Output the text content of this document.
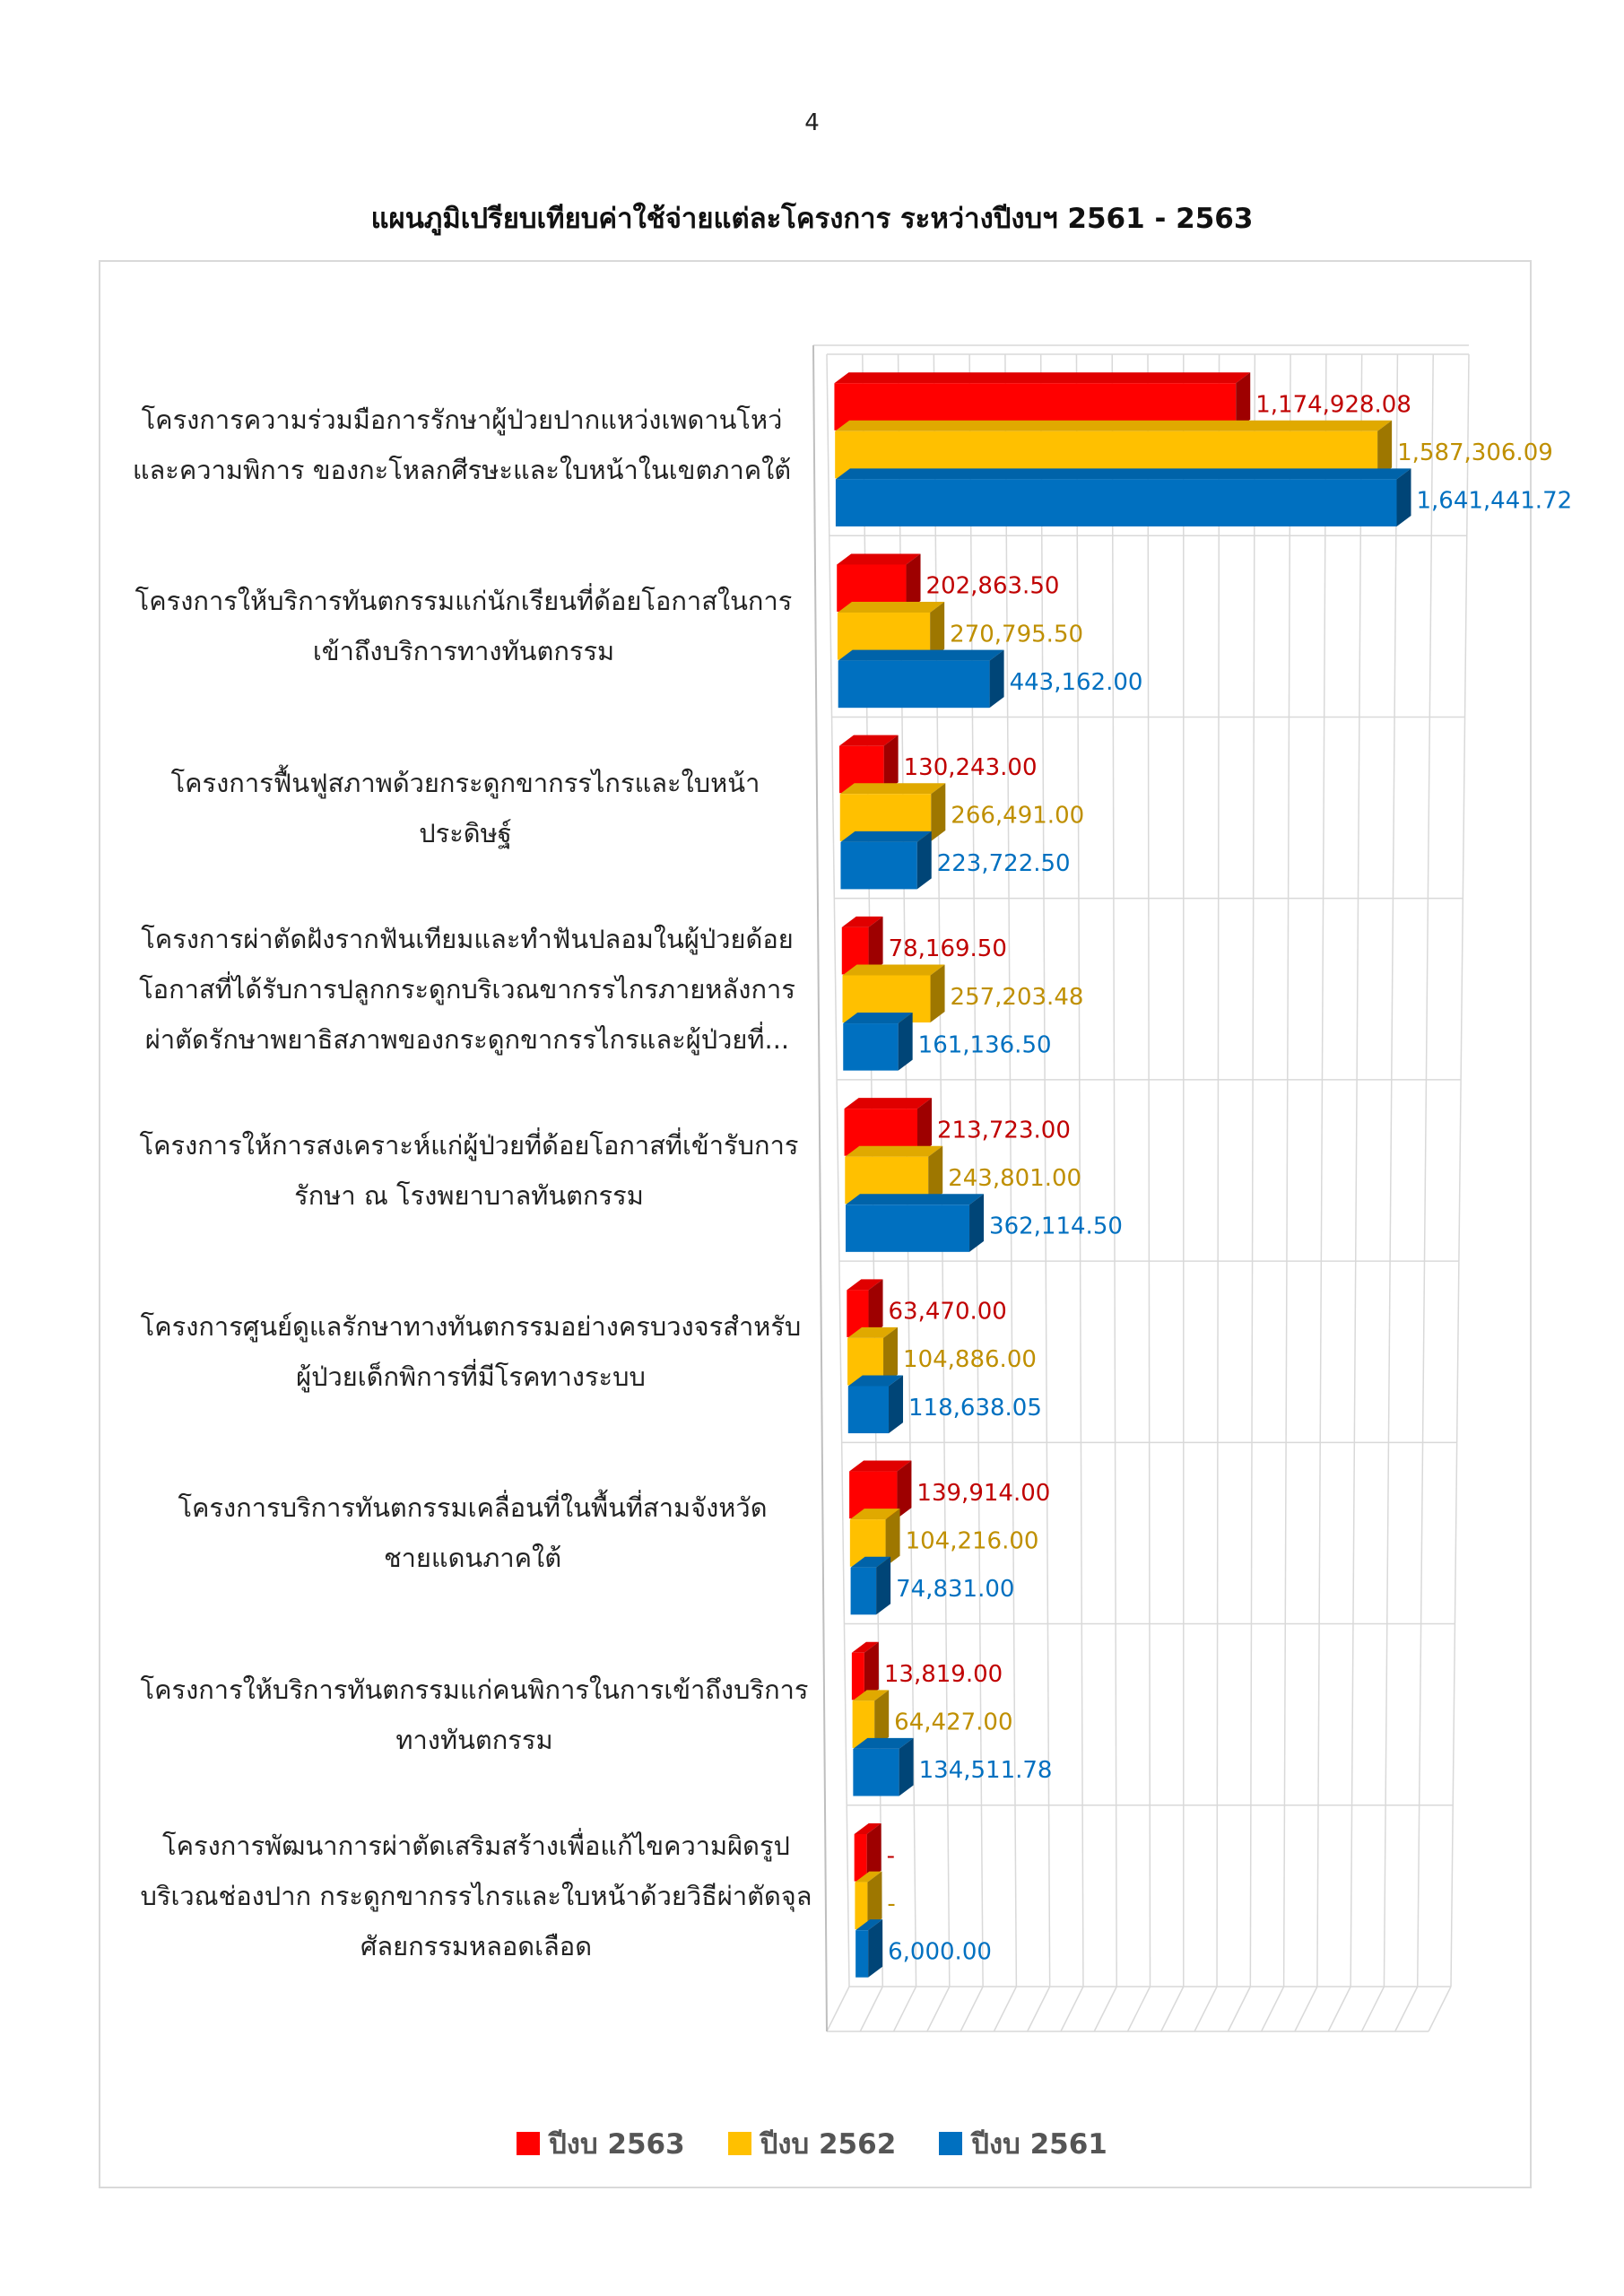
4
แผนภูมิเปรียบเทียบค่าใช้จ่ายแต่ละโครงการ ระหว่างปีงบฯ 2561 - 2563
1,174,928.08
202,863.50
130,243.00
78,169.50
213,723.00
63,470.00
139,914.00
13,819.00
-
1,587,306.09
270,795.50
266,491.00
257,203.48
243,801.00
104,886.00
104,216.00
64,427.00
-
1,641,441.72
443,162.00
223,722.50
161,136.50
362,114.50
118,638.05
74,831.00
134,511.78
6,000.00
โครงการความร่วมมือการรักษาผู้ป่วยปากแหว่งเพดานโหว่
และความพิการ ของกะโหลกศีรษะและใบหน้าในเขตภาคใต้
โครงการให้บริการทันตกรรมแก่นักเรียนที่ด้อยโอกาสในการ
เข้าถึงบริการทางทันตกรรม
โครงการฟื้นฟูสภาพด้วยกระดูกขากรรไกรและใบหน้า
ประดิษฐ์
โครงการผ่าตัดฝังรากฟันเทียมและทำฟันปลอมในผู้ป่วยด้อย
โอกาสที่ได้รับการปลูกกระดูกบริเวณขากรรไกรภายหลังการ
ผ่าตัดรักษาพยาธิสภาพของกระดูกขากรรไกรและผู้ป่วยที่...
โครงการให้การสงเคราะห์แก่ผู้ป่วยที่ด้อยโอกาสที่เข้ารับการ
รักษา ณ โรงพยาบาลทันตกรรม
โครงการศูนย์ดูแลรักษาทางทันตกรรมอย่างครบวงจรสำหรับ
ผู้ป่วยเด็กพิการที่มีโรคทางระบบ
โครงการบริการทันตกรรมเคลื่อนที่ในพื้นที่สามจังหวัด
ชายแดนภาคใต้
โครงการให้บริการทันตกรรมแก่คนพิการในการเข้าถึงบริการ
ทางทันตกรรม
โครงการพัฒนาการผ่าตัดเสริมสร้างเพื่อแก้ไขความผิดรูป
บริเวณช่องปาก กระดูกขากรรไกรและใบหน้าด้วยวิธีผ่าตัดจุล
ศัลยกรรมหลอดเลือด
ปีงบ 2563	ปีงบ 2562	ปีงบ 2561
